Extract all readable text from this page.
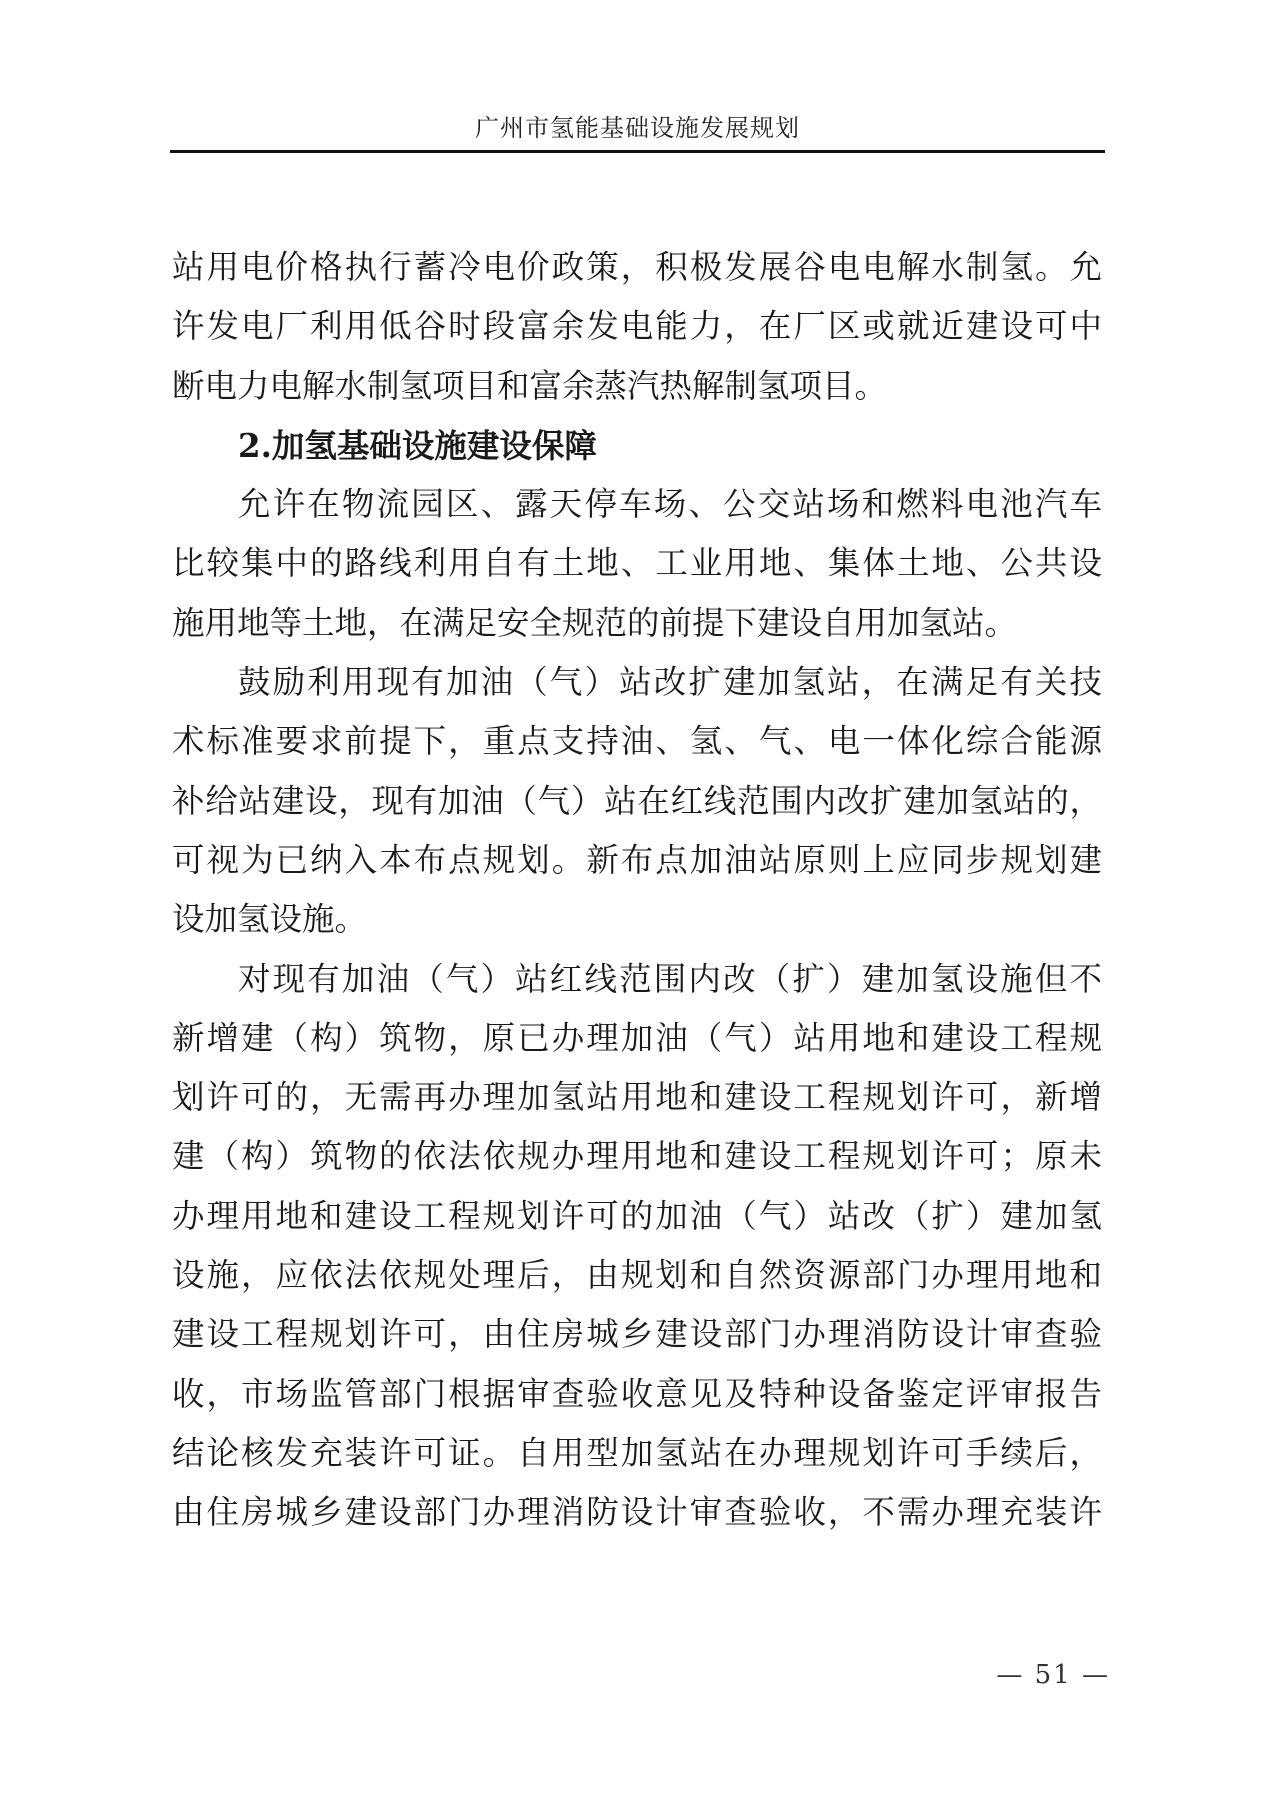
广州市氢能基础设施发展规划
站用电价格执行蓄冷电价政策，积极发展谷电电解水制氢。允
许发电厂利用低谷时段富余发电能力，在厂区或就近建设可中
断电力电解水制氢项目和富余蒸汽热解制氢项目。
2.加氢基础设施建设保障
允许在物流园区、露天停车场、公交站场和燃料电池汽车
比较集中的路线利用自有土地、工业用地、集体土地、公共设
施用地等土地，在满足安全规范的前提下建设自用加氢站。
鼓励利用现有加油（气）站改扩建加氢站，在满足有关技
术标准要求前提下，重点支持油、氢、气、电一体化综合能源
补给站建设，现有加油（气）站在红线范围内改扩建加氢站的，
可视为已纳入本布点规划。新布点加油站原则上应同步规划建
设加氢设施。
对现有加油（气）站红线范围内改（扩）建加氢设施但不
新增建（构）筑物，原已办理加油（气）站用地和建设工程规
划许可的，无需再办理加氢站用地和建设工程规划许可，新增
建（构）筑物的依法依规办理用地和建设工程规划许可；原未
办理用地和建设工程规划许可的加油（气）站改（扩）建加氢
设施，应依法依规处理后，由规划和自然资源部门办理用地和
建设工程规划许可，由住房城乡建设部门办理消防设计审查验
收，市场监管部门根据审查验收意见及特种设备鉴定评审报告
结论核发充装许可证。自用型加氢站在办理规划许可手续后，
由住房城乡建设部门办理消防设计审查验收，不需办理充装许
— 51 —
